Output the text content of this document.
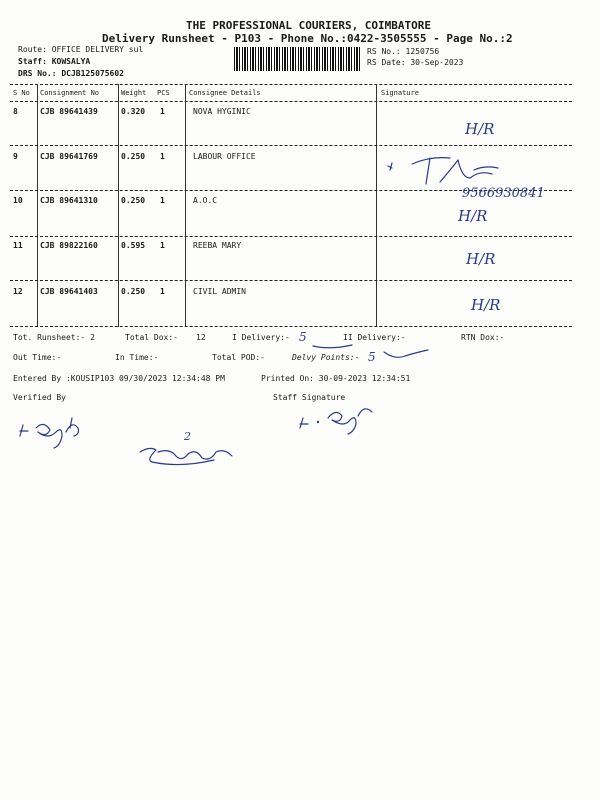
THE PROFESSIONAL COURIERS, COIMBATORE
Delivery Runsheet - P103 - Phone No.:0422-3505555 - Page No.:2
Route: OFFICE DELIVERY sul
Staff: KOWSALYA
DRS No.: DCJB125075602
RS No.: 1250756
RS Date: 30-Sep-2023
S No Consignment No	Weight PCS	Consignee Details	Signature
8	CJB 89641439	0.320 1	NOVA HYGINIC
9	CJB 89641769	0.250 1	LABOUR OFFICE
10 CJB 89641310	0.250 1	A.O.C
11 CJB 89822160	0.595 1	REEBA MARY
12 CJB 89641403	0.250 1	CIVIL ADMIN
Tot. Runsheet:- 2	Total Dox:- 12	I Delivery:-	II Delivery:-	RTN Dox:-
Out Time:-	In Time:-	Total POD:-	Delvy Points:-
Entered By :KOUSIP103 09/30/2023 12:34:48 PM	Printed On: 30-09-2023 12:34:51
Verified By	Staff Signature
H/R
H/R
H/R
H/R
9566930841
5
5
2
